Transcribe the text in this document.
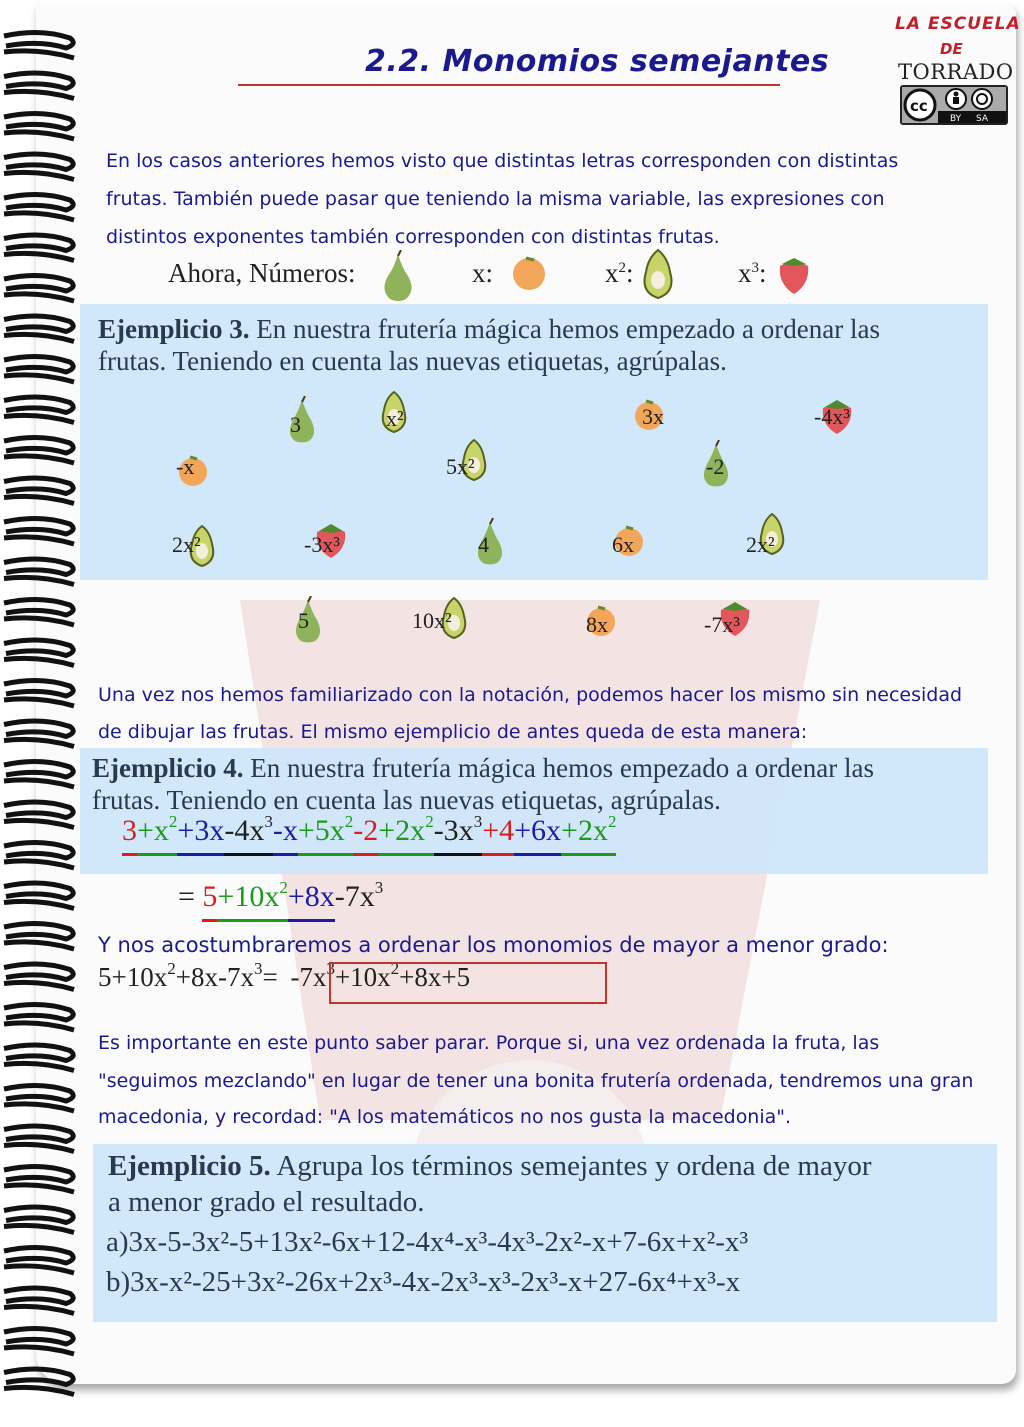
2.2. Monomios semejantes
LA ESCUELA
DE
TORRADO
cc
BY SA
En los casos anteriores hemos visto que distintas letras corresponden con distintas
frutas. También puede pasar que teniendo la misma variable, las expresiones con
distintos exponentes también corresponden con distintas frutas.
Ahora, Números:	x:	$x^2$:	$x^3$:
Ejemplicio 3. En nuestra frutería mágica hemos empezado a ordenar las
frutas. Teniendo en cuenta las nuevas etiquetas, agrúpalas.
3	x²	3x	-4x³
-x	5x²	-2
2x²	-3x³	4	6x	2x²
5	10x²	8x	-7x³
Una vez nos hemos familiarizado con la notación, podemos hacer los mismo sin necesidad
de dibujar las frutas. El mismo ejemplicio de antes queda de esta manera:
Ejemplicio 4. En nuestra frutería mágica hemos empezado a ordenar las
frutas. Teniendo en cuenta las nuevas etiquetas, agrúpalas.
$3+x^2+3x-4x^3-x+5x^2-2+2x^2-3x^3+4+6x+2x^2$
= $5+10x^2+8x-7x^3$
Y nos acostumbraremos a ordenar los monomios de mayor a menor grado:
$5+10x^2+8x-7x^3= -7x^3+10x^2+8x+5$
Es importante en este punto saber parar. Porque si, una vez ordenada la fruta, las
"seguimos mezclando" en lugar de tener una bonita frutería ordenada, tendremos una gran
macedonia, y recordad: "A los matemáticos no nos gusta la macedonia".
Ejemplicio 5. Agrupa los términos semejantes y ordena de mayor
a menor grado el resultado.
a)3x-5-3x²-5+13x²-6x+12-4x⁴-x³-4x³-2x²-x+7-6x+x²-x³
b)3x-x²-25+3x²-26x+2x³-4x-2x³-x³-2x³-x+27-6x⁴+x³-x
